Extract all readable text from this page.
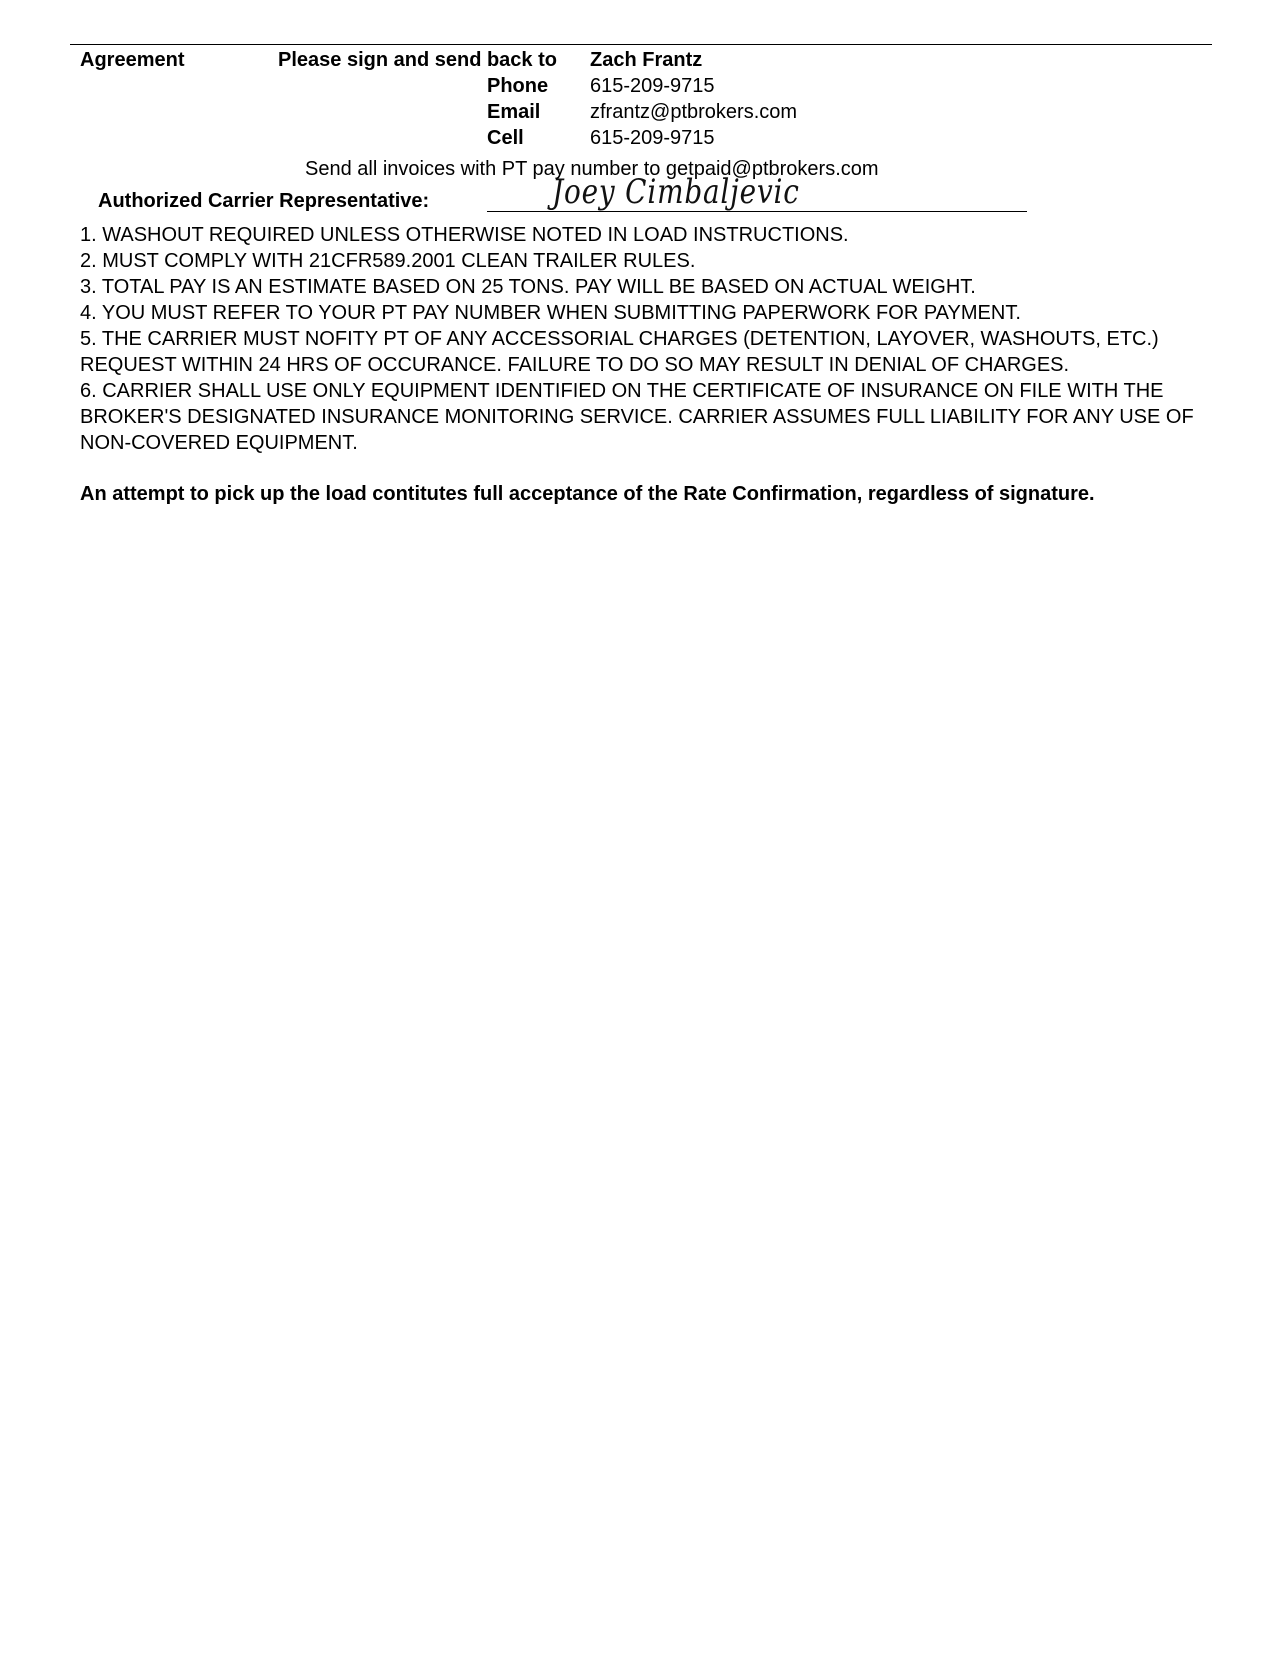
Agreement	Please sign and send back to Zach Frantz
Phone 615-209-9715
Email zfrantz@ptbrokers.com
Cell	615-209-9715
Send all invoices with PT pay number to getpaid@ptbrokers.com
Authorized Carrier Representative:	Joey Cimbaljevic

1. WASHOUT REQUIRED UNLESS OTHERWISE NOTED IN LOAD INSTRUCTIONS.

2. MUST COMPLY WITH 21CFR589.2001 CLEAN TRAILER RULES.

3. TOTAL PAY IS AN ESTIMATE BASED ON 25 TONS. PAY WILL BE BASED ON ACTUAL WEIGHT.

4. YOU MUST REFER TO YOUR PT PAY NUMBER WHEN SUBMITTING PAPERWORK FOR PAYMENT.

5. THE CARRIER MUST NOFITY PT OF ANY ACCESSORIAL CHARGES (DETENTION, LAYOVER, WASHOUTS, ETC.) REQUEST WITHIN 24 HRS OF OCCURANCE. FAILURE TO DO SO MAY RESULT IN DENIAL OF CHARGES.

6. CARRIER SHALL USE ONLY EQUIPMENT IDENTIFIED ON THE CERTIFICATE OF INSURANCE ON FILE WITH THE BROKER'S DESIGNATED INSURANCE MONITORING SERVICE. CARRIER ASSUMES FULL LIABILITY FOR ANY USE OF NON-COVERED EQUIPMENT.

An attempt to pick up the load contitutes full acceptance of the Rate Confirmation, regardless of signature.
